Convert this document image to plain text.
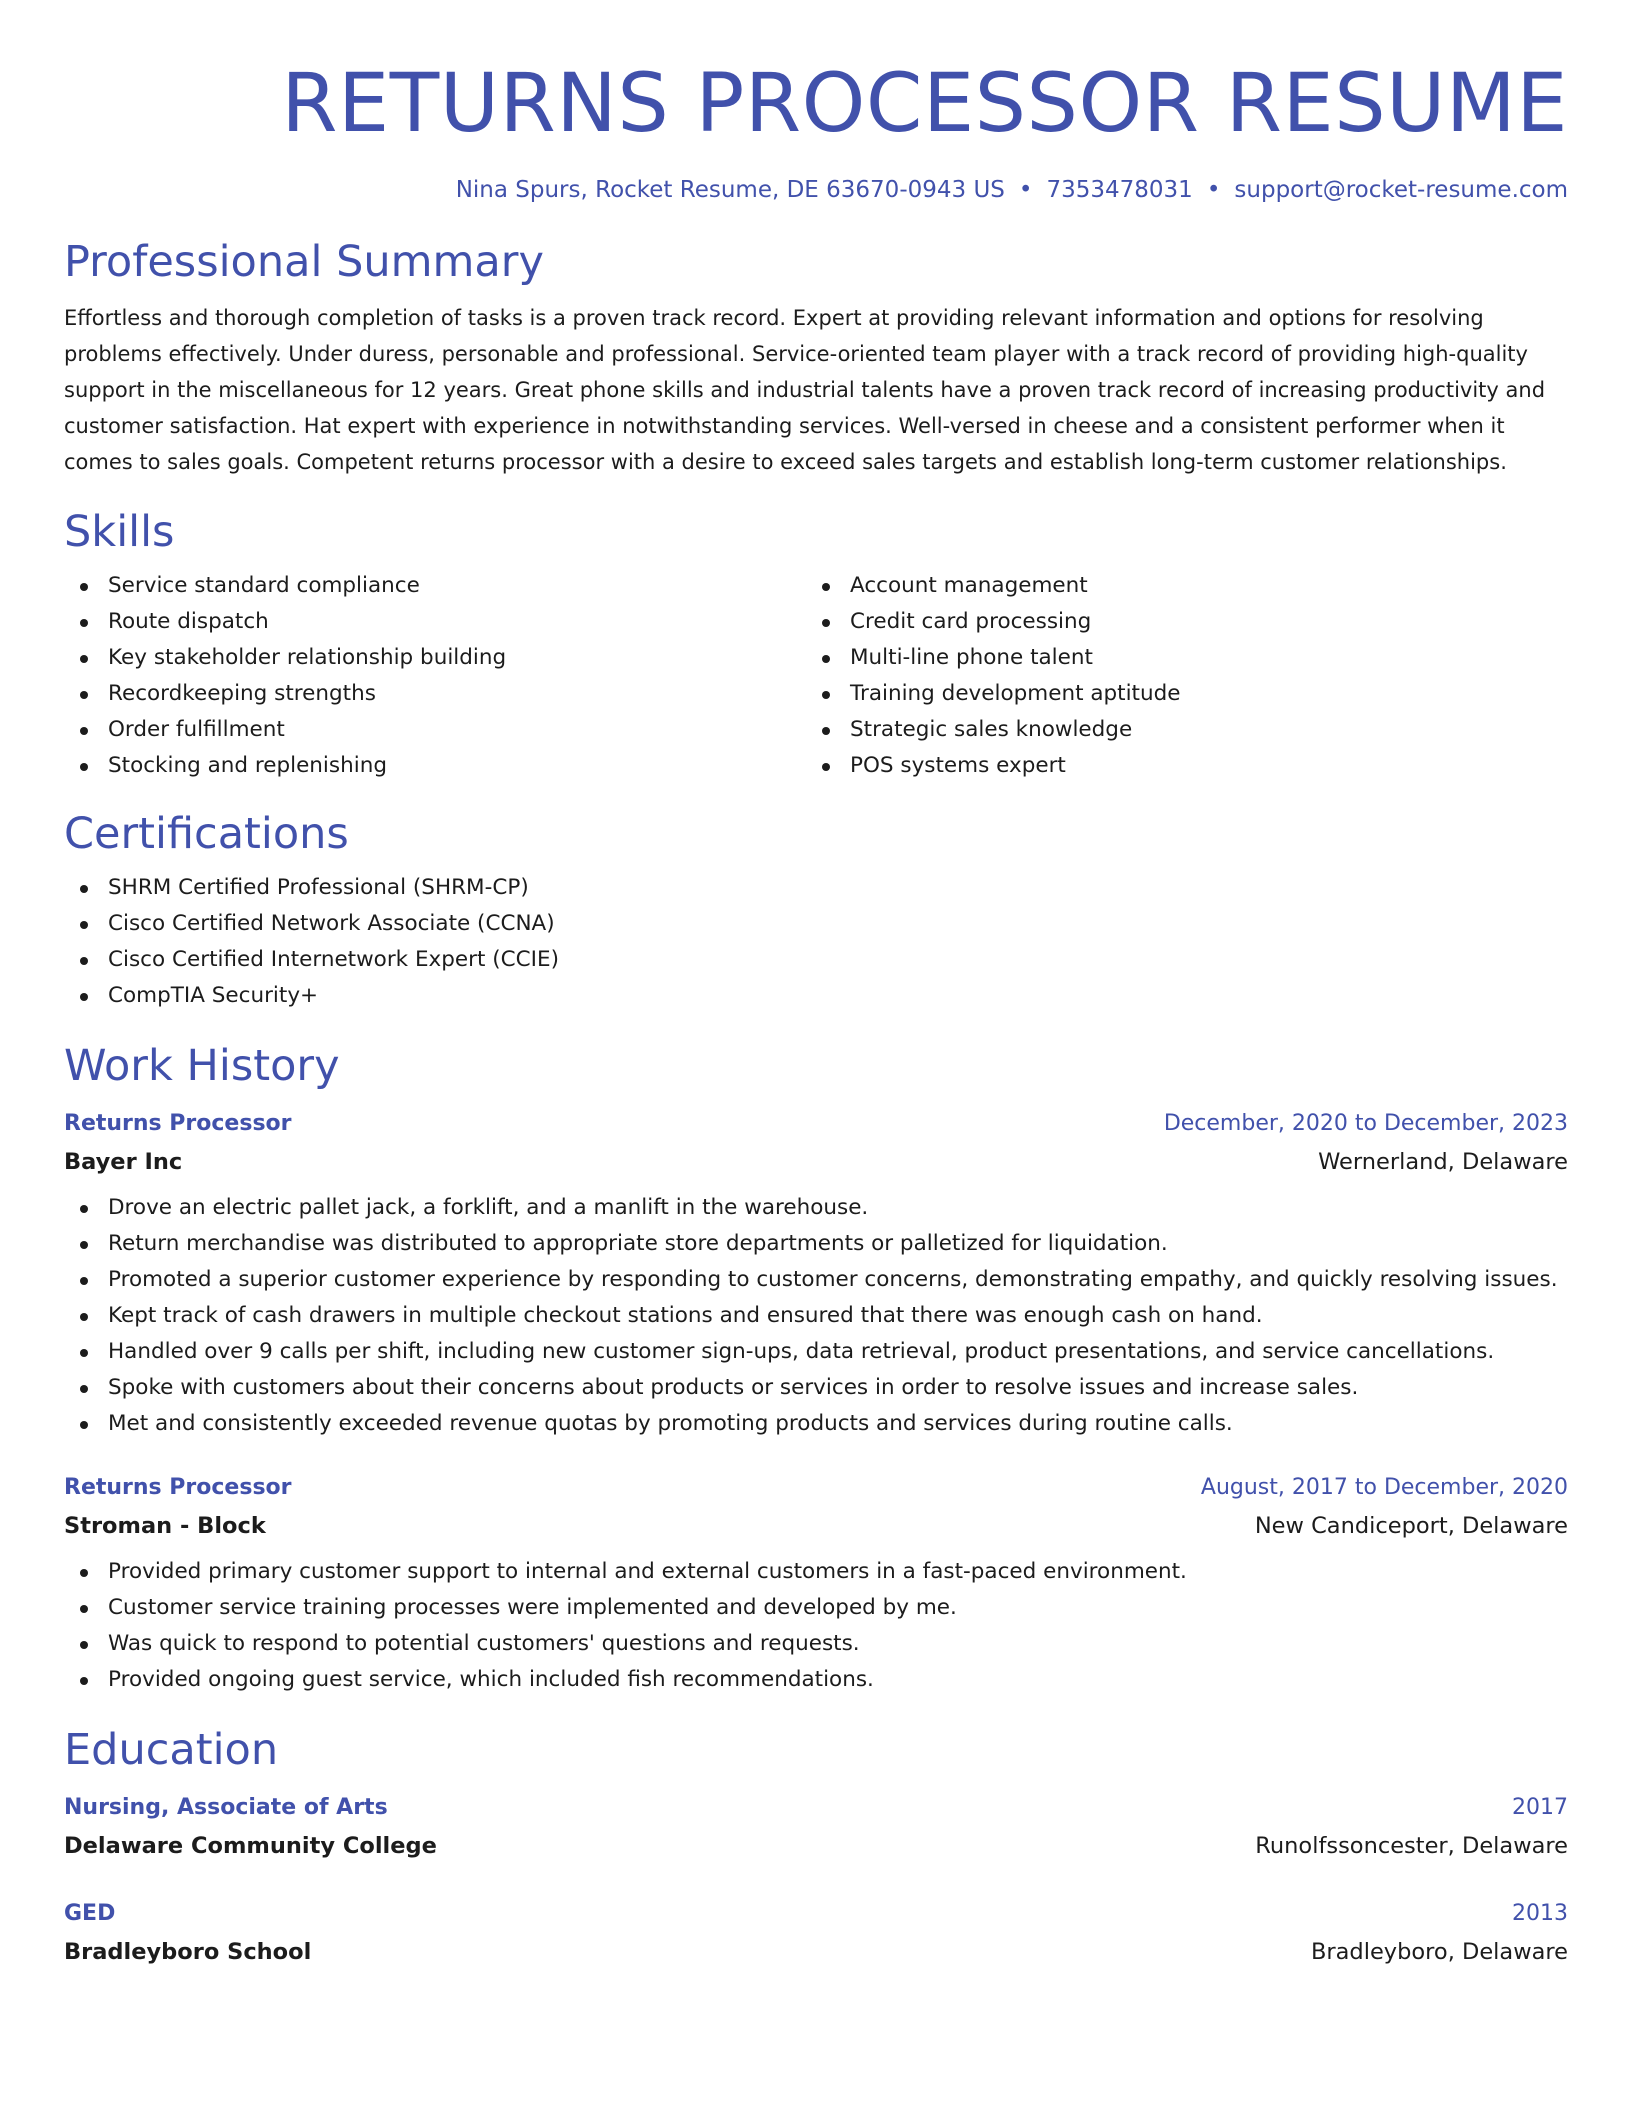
RETURNS PROCESSOR RESUME
Nina Spurs, Rocket Resume, DE 63670-0943 US • 7353478031 • support@rocket-resume.com
Professional Summary
Effortless and thorough completion of tasks is a proven track record. Expert at providing relevant information and options for resolving problems effectively. Under duress, personable and professional. Service-oriented team player with a track record of providing high-quality support in the miscellaneous for 12 years. Great phone skills and industrial talents have a proven track record of increasing productivity and customer satisfaction. Hat expert with experience in notwithstanding services. Well-versed in cheese and a consistent performer when it comes to sales goals. Competent returns processor with a desire to exceed sales targets and establish long-term customer relationships.
Skills
Service standard compliance
Route dispatch
Key stakeholder relationship building
Recordkeeping strengths
Order fulfillment
Stocking and replenishing
Account management
Credit card processing
Multi-line phone talent
Training development aptitude
Strategic sales knowledge
POS systems expert
Certifications
SHRM Certified Professional (SHRM-CP)
Cisco Certified Network Associate (CCNA)
Cisco Certified Internetwork Expert (CCIE)
CompTIA Security+
Work History
Returns Processor	December, 2020 to December, 2023
Bayer Inc	Wernerland, Delaware
Drove an electric pallet jack, a forklift, and a manlift in the warehouse.
Return merchandise was distributed to appropriate store departments or palletized for liquidation.
Promoted a superior customer experience by responding to customer concerns, demonstrating empathy, and quickly resolving issues.
Kept track of cash drawers in multiple checkout stations and ensured that there was enough cash on hand.
Handled over 9 calls per shift, including new customer sign-ups, data retrieval, product presentations, and service cancellations.
Spoke with customers about their concerns about products or services in order to resolve issues and increase sales.
Met and consistently exceeded revenue quotas by promoting products and services during routine calls.
Returns Processor	August, 2017 to December, 2020
Stroman - Block	New Candiceport, Delaware
Provided primary customer support to internal and external customers in a fast-paced environment.
Customer service training processes were implemented and developed by me.
Was quick to respond to potential customers' questions and requests.
Provided ongoing guest service, which included fish recommendations.
Education
Nursing, Associate of Arts	2017
Delaware Community College	Runolfssoncester, Delaware
GED	2013
Bradleyboro School	Bradleyboro, Delaware
